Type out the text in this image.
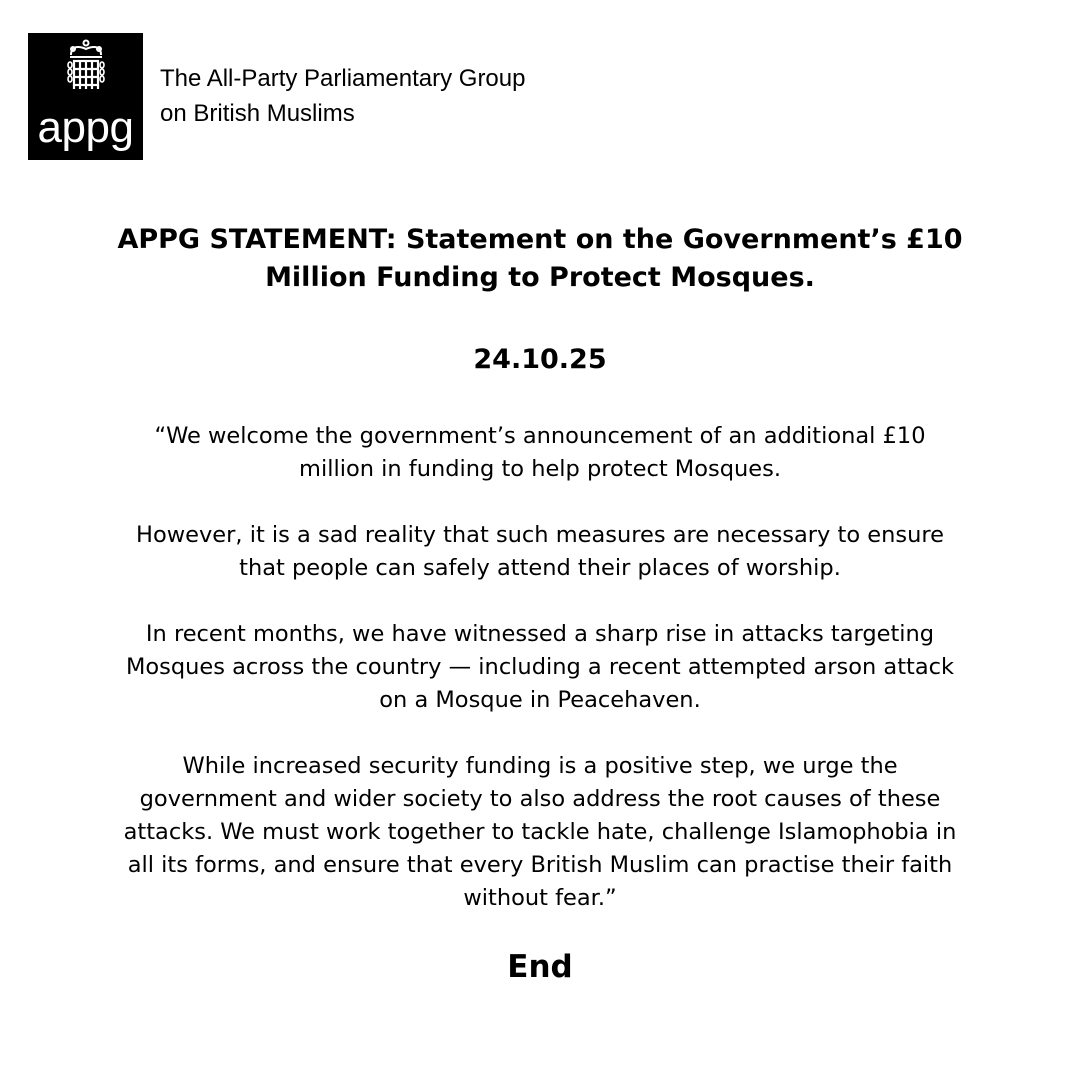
appg
The All-Party Parliamentary Group
on British Muslims
APPG STATEMENT: Statement on the Government’s £10
Million Funding to Protect Mosques.
24.10.25
“We welcome the government’s announcement of an additional £10
million in funding to help protect Mosques.
However, it is a sad reality that such measures are necessary to ensure
that people can safely attend their places of worship.
In recent months, we have witnessed a sharp rise in attacks targeting
Mosques across the country — including a recent attempted arson attack
on a Mosque in Peacehaven.
While increased security funding is a positive step, we urge the
government and wider society to also address the root causes of these
attacks. We must work together to tackle hate, challenge Islamophobia in
all its forms, and ensure that every British Muslim can practise their faith
without fear.”
End
